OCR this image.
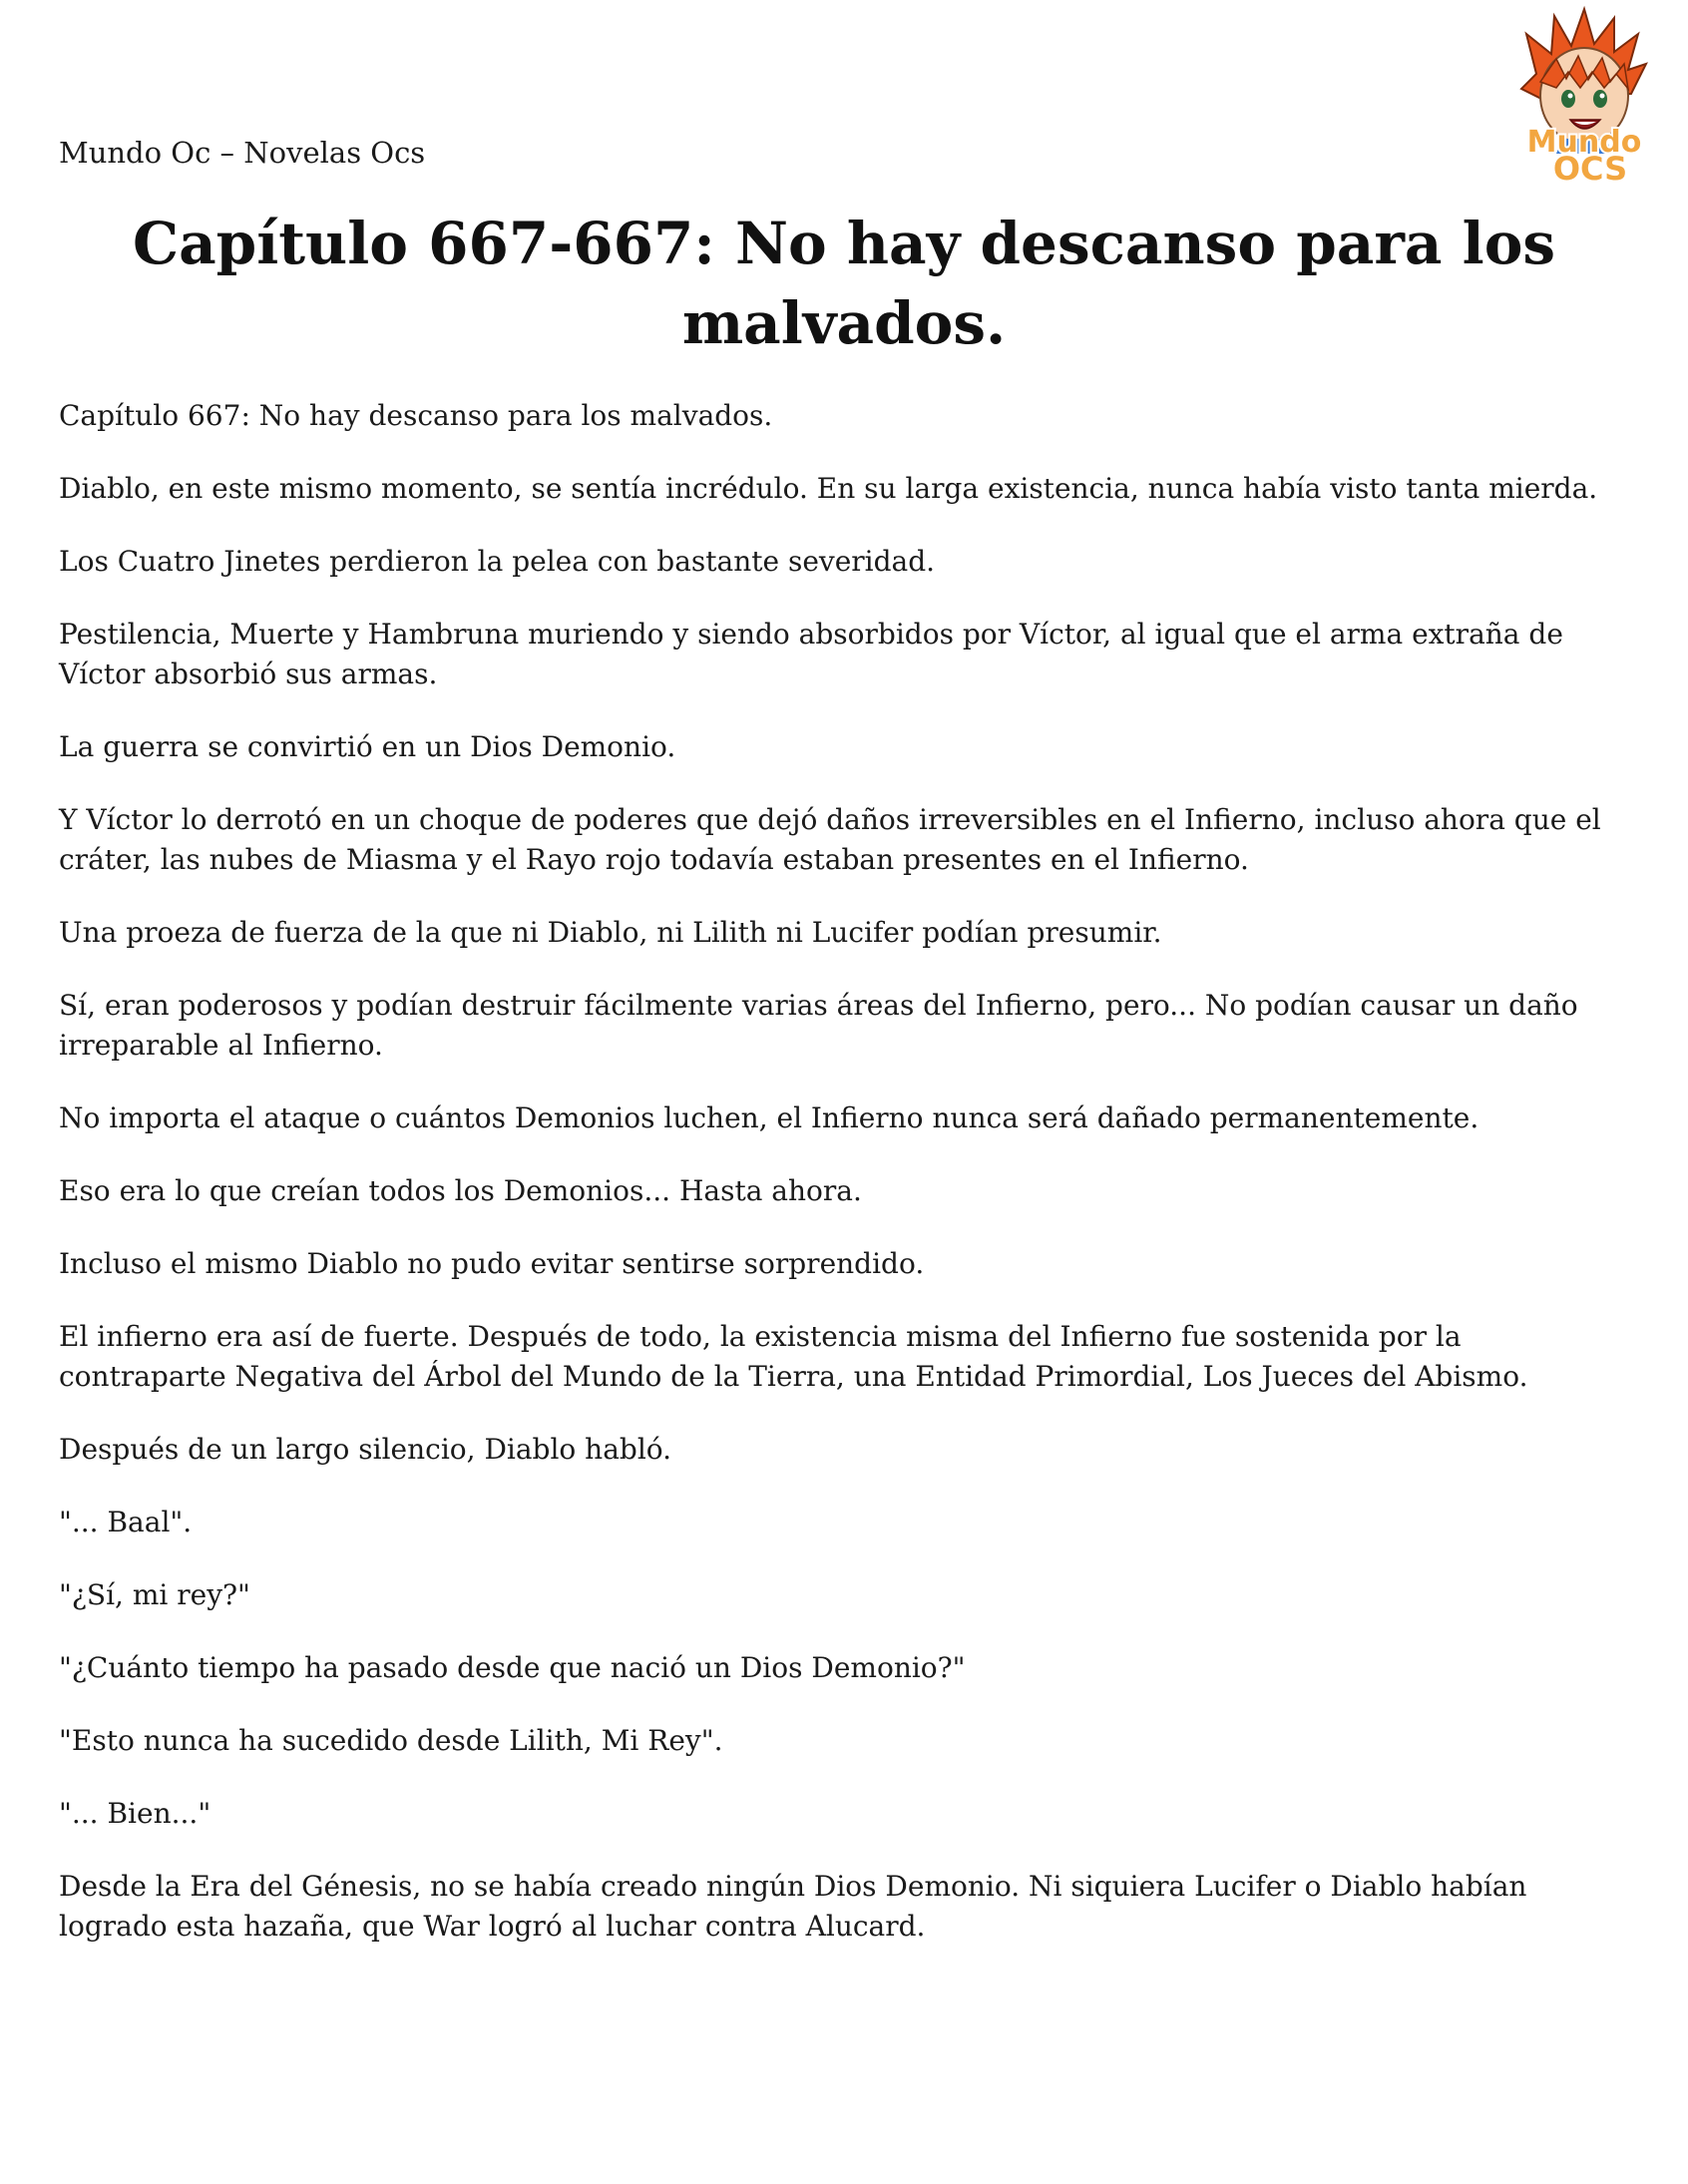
Mundo Oc – Novelas Ocs	Mundo
OCS
Capítulo 667-667: No hay descanso para los malvados.

Capítulo 667: No hay descanso para los malvados.

Diablo, en este mismo momento, se sentía incrédulo. En su larga existencia, nunca había visto tanta mierda.

Los Cuatro Jinetes perdieron la pelea con bastante severidad.

Pestilencia, Muerte y Hambruna muriendo y siendo absorbidos por Víctor, al igual que el arma extraña de Víctor absorbió sus armas.

La guerra se convirtió en un Dios Demonio.

Y Víctor lo derrotó en un choque de poderes que dejó daños irreversibles en el Infierno, incluso ahora que el cráter, las nubes de Miasma y el Rayo rojo todavía estaban presentes en el Infierno.

Una proeza de fuerza de la que ni Diablo, ni Lilith ni Lucifer podían presumir.

Sí, eran poderosos y podían destruir fácilmente varias áreas del Infierno, pero... No podían causar un daño irreparable al Infierno.

No importa el ataque o cuántos Demonios luchen, el Infierno nunca será dañado permanentemente.

Eso era lo que creían todos los Demonios... Hasta ahora.

Incluso el mismo Diablo no pudo evitar sentirse sorprendido.

El infierno era así de fuerte. Después de todo, la existencia misma del Infierno fue sostenida por la contraparte Negativa del Árbol del Mundo de la Tierra, una Entidad Primordial, Los Jueces del Abismo.

Después de un largo silencio, Diablo habló.

"... Baal".

"¿Sí, mi rey?"

"¿Cuánto tiempo ha pasado desde que nació un Dios Demonio?"

"Esto nunca ha sucedido desde Lilith, Mi Rey".

"... Bien..."

Desde la Era del Génesis, no se había creado ningún Dios Demonio. Ni siquiera Lucifer o Diablo habían logrado esta hazaña, que War logró al luchar contra Alucard.
